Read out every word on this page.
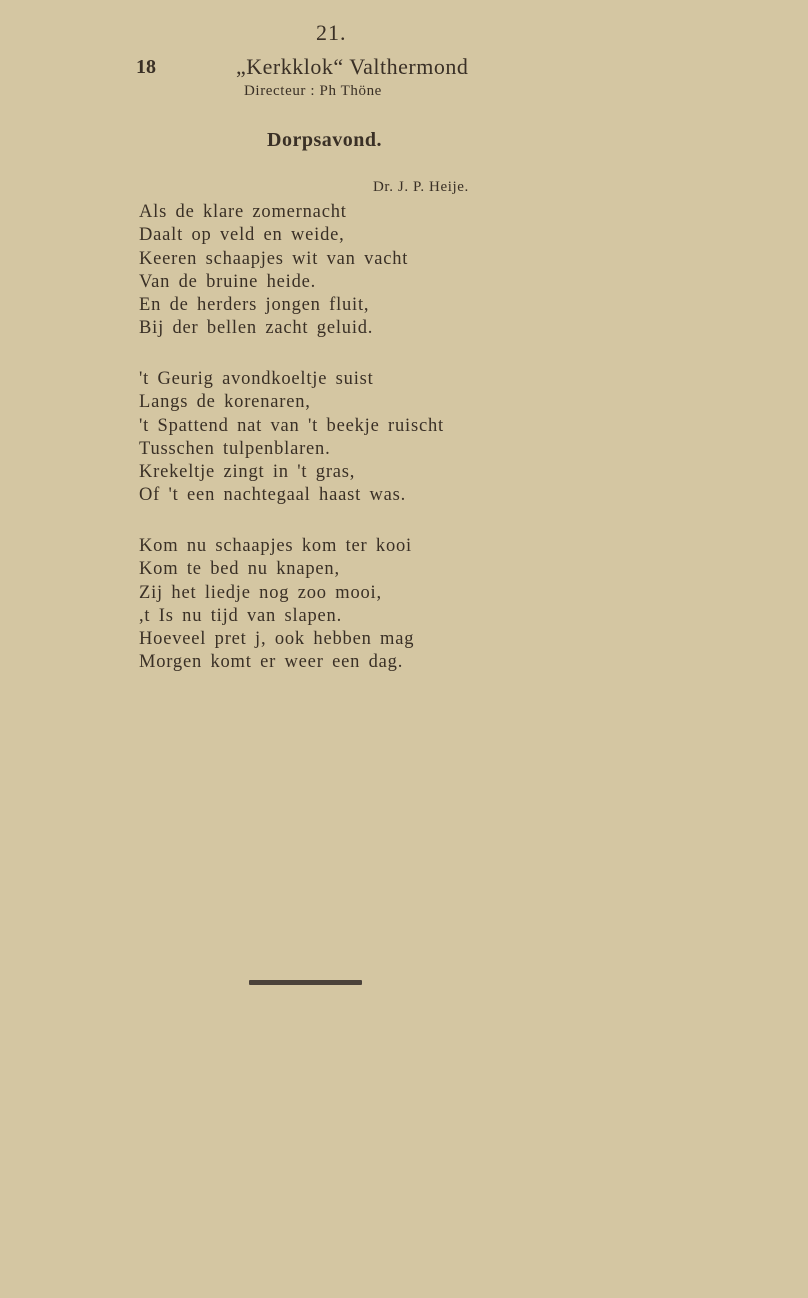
21.
18	„Kerkklok“ Valthermond
Directeur : Ph Thöne
Dorpsavond.
Dr. J. P. Heije.
Als de klare zomernacht
Daalt op veld en weide,
Keeren schaapjes wit van vacht
Van de bruine heide.
En de herders jongen fluit,
Bij der bellen zacht geluid.
't Geurig avondkoeltje suist
Langs de korenaren,
't Spattend nat van 't beekje ruischt
Tusschen tulpenblaren.
Krekeltje zingt in 't gras,
Of 't een nachtegaal haast was.
Kom nu schaapjes kom ter kooi
Kom te bed nu knapen,
Zij het liedje nog zoo mooi,
,t Is nu tijd van slapen.
Hoeveel pret j, ook hebben mag
Morgen komt er weer een dag.
